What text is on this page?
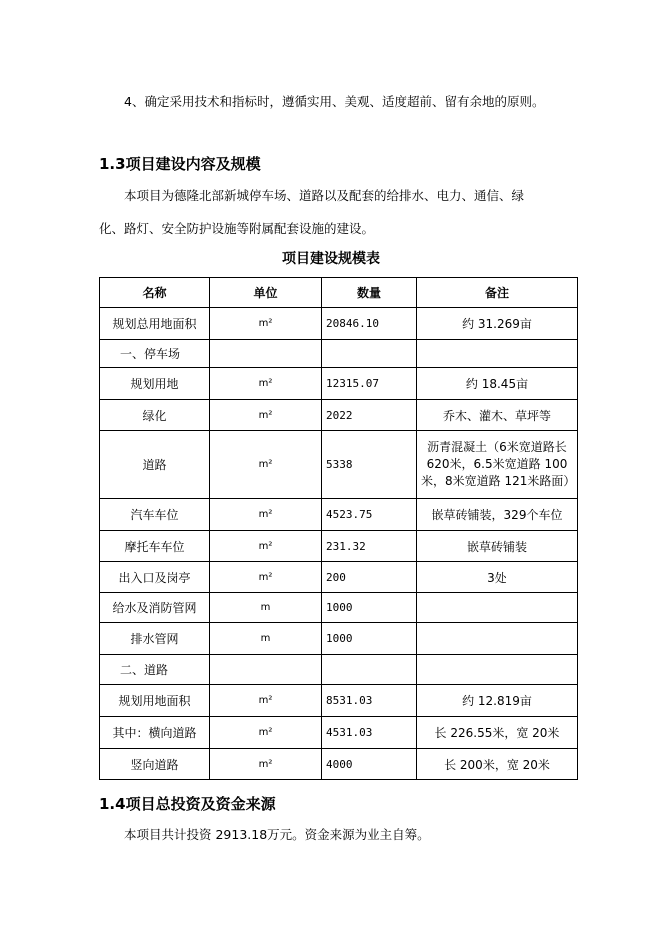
4、确定采用技术和指标时，遵循实用、美观、适度超前、留有余地的原则。
1.3项目建设内容及规模
本项目为德隆北部新城停车场、道路以及配套的给排水、电力、通信、绿
化、路灯、安全防护设施等附属配套设施的建设。
项目建设规模表
名称	单位	数量	备注
规划总用地面积	m²	20846.10	约 31.269亩
一、停车场			
规划用地	m²	12315.07	约 18.45亩
绿化	m²	2022	乔木、灌木、草坪等
道路	m²	5338	沥青混凝土（6米宽道路长
620米，6.5米宽道路 100
米，8米宽道路 121米路面）

汽车车位	m²	4523.75	嵌草砖铺装，329个车位
摩托车车位	m²	231.32	嵌草砖铺装
出入口及岗亭	m²	200	3处
给水及消防管网	m	1000	
排水管网	m	1000	
二、道路			
规划用地面积	m²	8531.03	约 12.819亩
其中：横向道路	m²	4531.03	长 226.55米，宽 20米
竖向道路	m²	4000	长 200米，宽 20米
1.4项目总投资及资金来源
本项目共计投资 2913.18万元。资金来源为业主自筹。
